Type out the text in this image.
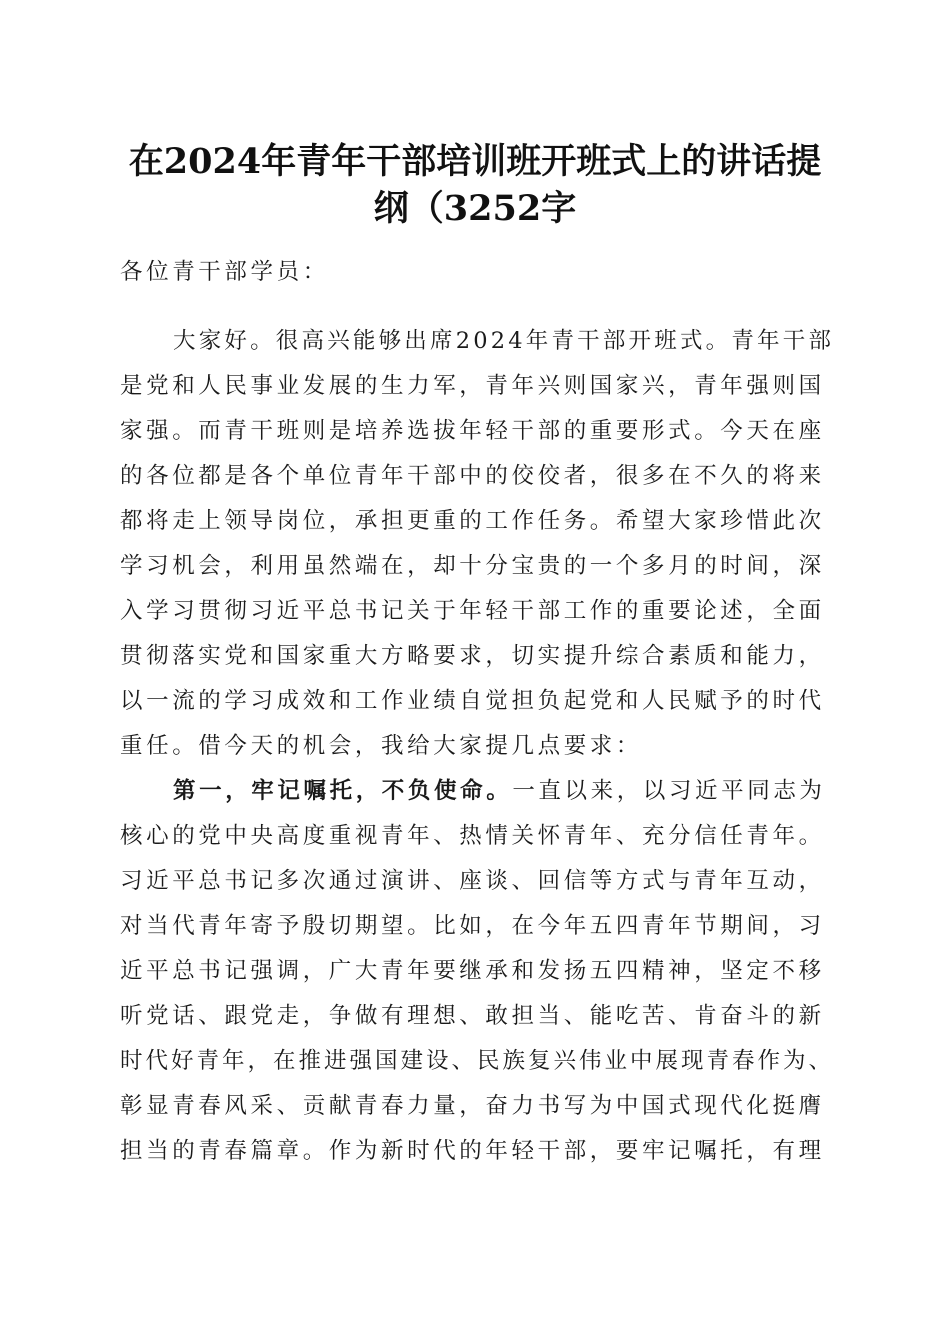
在2024年青年干部培训班开班式上的讲话提
纲（3252字
各位青干部学员：
大家好。很高兴能够出席2024年青干部开班式。青年干部
是党和人民事业发展的生力军，青年兴则国家兴，青年强则国
家强。而青干班则是培养选拔年轻干部的重要形式。今天在座
的各位都是各个单位青年干部中的佼佼者，很多在不久的将来
都将走上领导岗位，承担更重的工作任务。希望大家珍惜此次
学习机会，利用虽然端在，却十分宝贵的一个多月的时间，深
入学习贯彻习近平总书记关于年轻干部工作的重要论述，全面
贯彻落实党和国家重大方略要求，切实提升综合素质和能力，
以一流的学习成效和工作业绩自觉担负起党和人民赋予的时代
重任。借今天的机会，我给大家提几点要求：
第一，牢记嘱托，不负使命。一直以来，以习近平同志为
核心的党中央高度重视青年、热情关怀青年、充分信任青年。
习近平总书记多次通过演讲、座谈、回信等方式与青年互动，
对当代青年寄予殷切期望。比如，在今年五四青年节期间，习
近平总书记强调，广大青年要继承和发扬五四精神，坚定不移
听党话、跟党走，争做有理想、敢担当、能吃苦、肯奋斗的新
时代好青年，在推进强国建设、民族复兴伟业中展现青春作为、
彰显青春风采、贡献青春力量，奋力书写为中国式现代化挺膺
担当的青春篇章。作为新时代的年轻干部，要牢记嘱托，有理
